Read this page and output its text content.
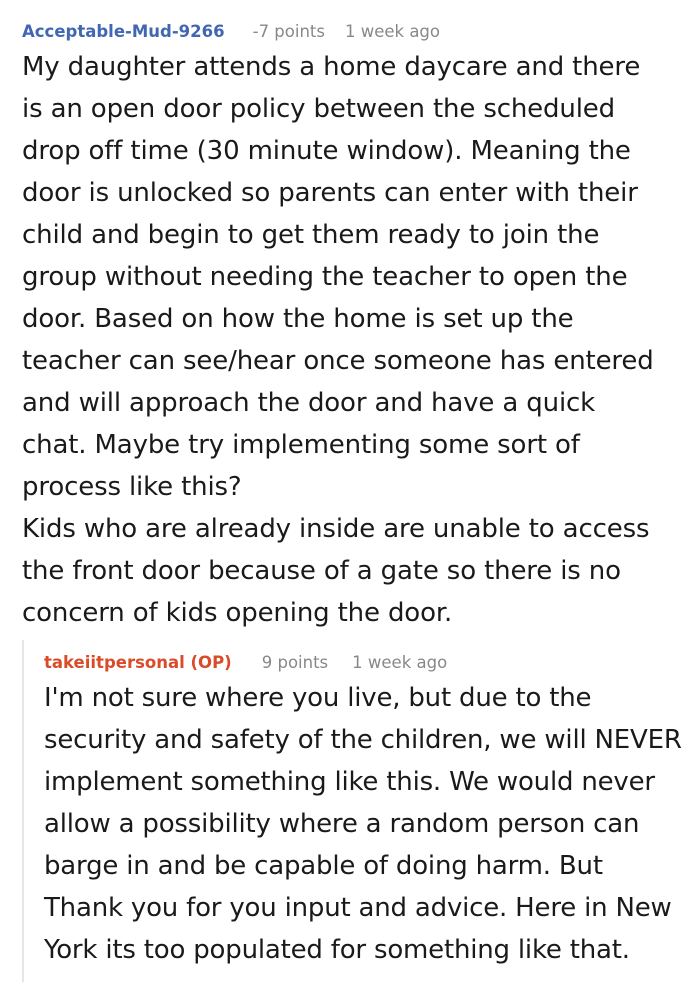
Acceptable-Mud-9266 -7 points 1 week ago

My daughter attends a home daycare and there
is an open door policy between the scheduled
drop off time (30 minute window). Meaning the
door is unlocked so parents can enter with their
child and begin to get them ready to join the
group without needing the teacher to open the
door. Based on how the home is set up the
teacher can see/hear once someone has entered
and will approach the door and have a quick
chat. Maybe try implementing some sort of
process like this?

Kids who are already inside are unable to access
the front door because of a gate so there is no
concern of kids opening the door.

takeiitpersonal (OP) 9 points 1 week ago

I'm not sure where you live, but due to the
security and safety of the children, we will NEVER
implement something like this. We would never
allow a possibility where a random person can
barge in and be capable of doing harm. But
Thank you for you input and advice. Here in New
York its too populated for something like that.
